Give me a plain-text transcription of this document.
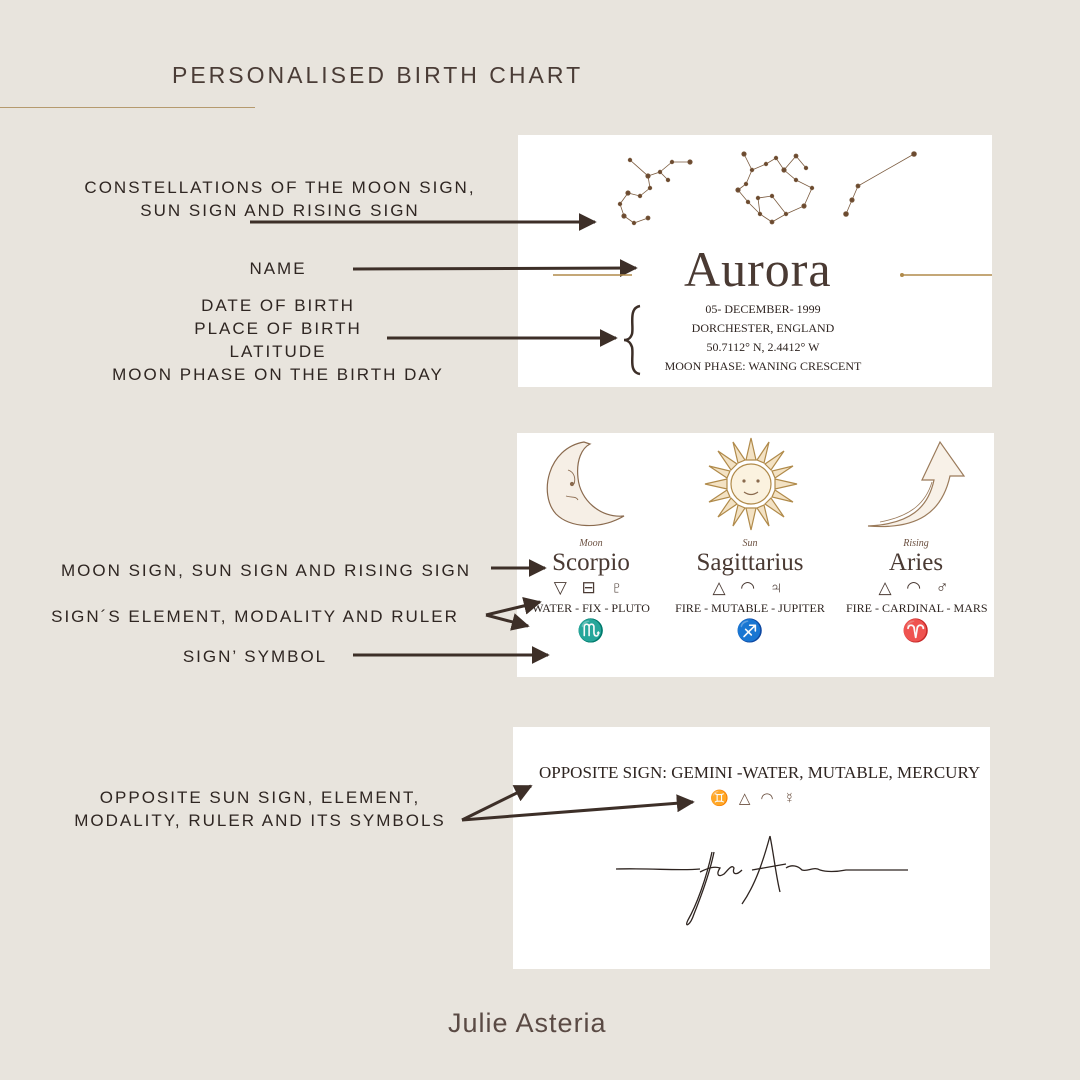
PERSONALISED BIRTH CHART
CONSTELLATIONS OF THE MOON SIGN,
SUN SIGN AND RISING SIGN
NAME
DATE OF BIRTH
PLACE OF BIRTH
LATITUDE
MOON PHASE ON THE BIRTH DAY
MOON SIGN, SUN SIGN AND RISING SIGN
SIGN´S ELEMENT, MODALITY AND RULER
SIGN’ SYMBOL
OPPOSITE SUN SIGN, ELEMENT,
MODALITY, RULER AND ITS SYMBOLS
Aurora
05- DECEMBER- 1999
DORCHESTER, ENGLAND
50.7112° N, 2.4412° W
MOON PHASE: WANING CRESCENT
Moon
Scorpio
▽ ⊟ ♇
WATER - FIX - PLUTO
♏
Sun
Sagittarius
△ ◠ ♃
FIRE - MUTABLE - JUPITER
♐
Rising
Aries
△ ◠ ♂
FIRE - CARDINAL - MARS
♈
OPPOSITE SIGN: GEMINI -WATER, MUTABLE, MERCURY
♊ △ ◠ ☿
Julie Asteria
